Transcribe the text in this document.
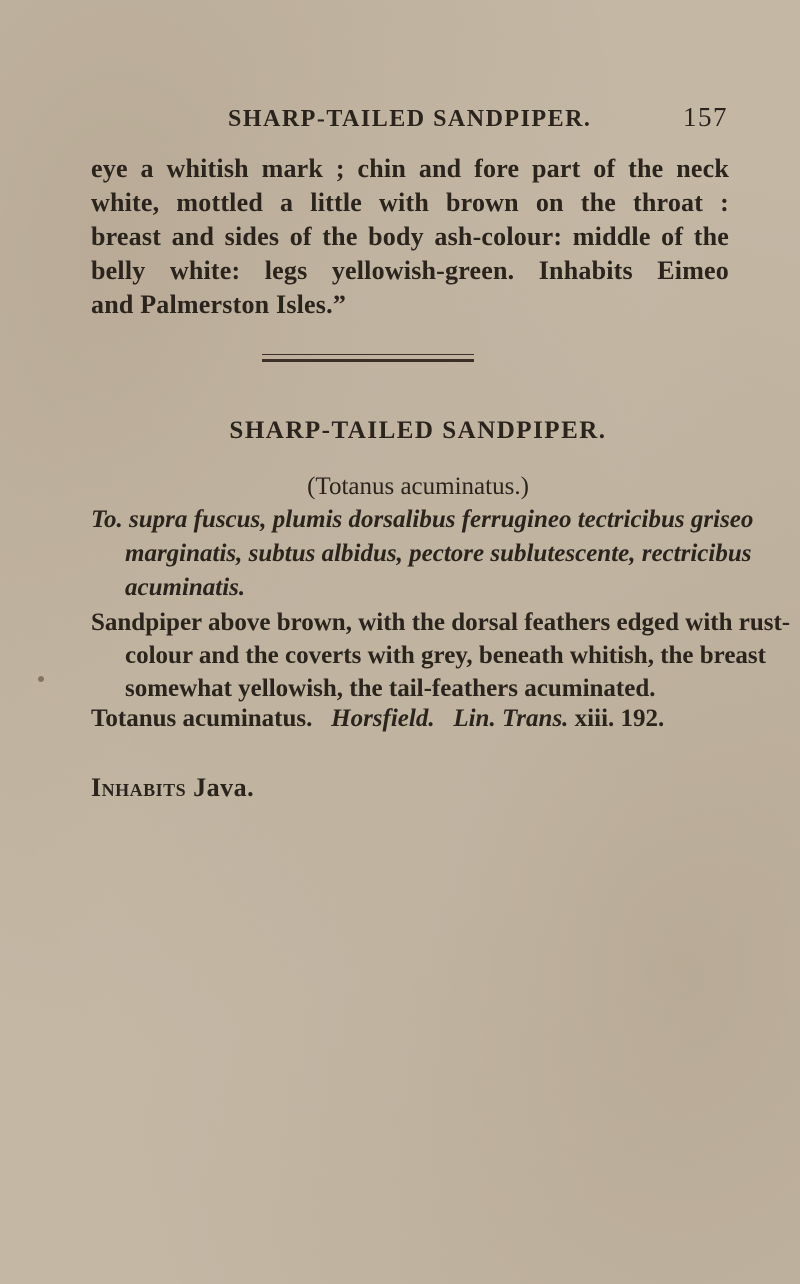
SHARP-TAILED SANDPIPER.	157
eye a whitish mark ; chin and fore part of the neck
white, mottled a little with brown on the throat :
breast and sides of the body ash-colour: middle of the
belly white: legs yellowish-green. Inhabits Eimeo
and Palmerston Isles.”
SHARP-TAILED SANDPIPER.
(Totanus acuminatus.)
To. supra fuscus, plumis dorsalibus ferrugineo tectricibus griseo
marginatis, subtus albidus, pectore sublutescente, rectricibus
acuminatis.
Sandpiper above brown, with the dorsal feathers edged with rust-
colour and the coverts with grey, beneath whitish, the breast
somewhat yellowish, the tail-feathers acuminated.
Totanus acuminatus. Horsfield. Lin. Trans. xiii. 192.
Inhabits Java.
